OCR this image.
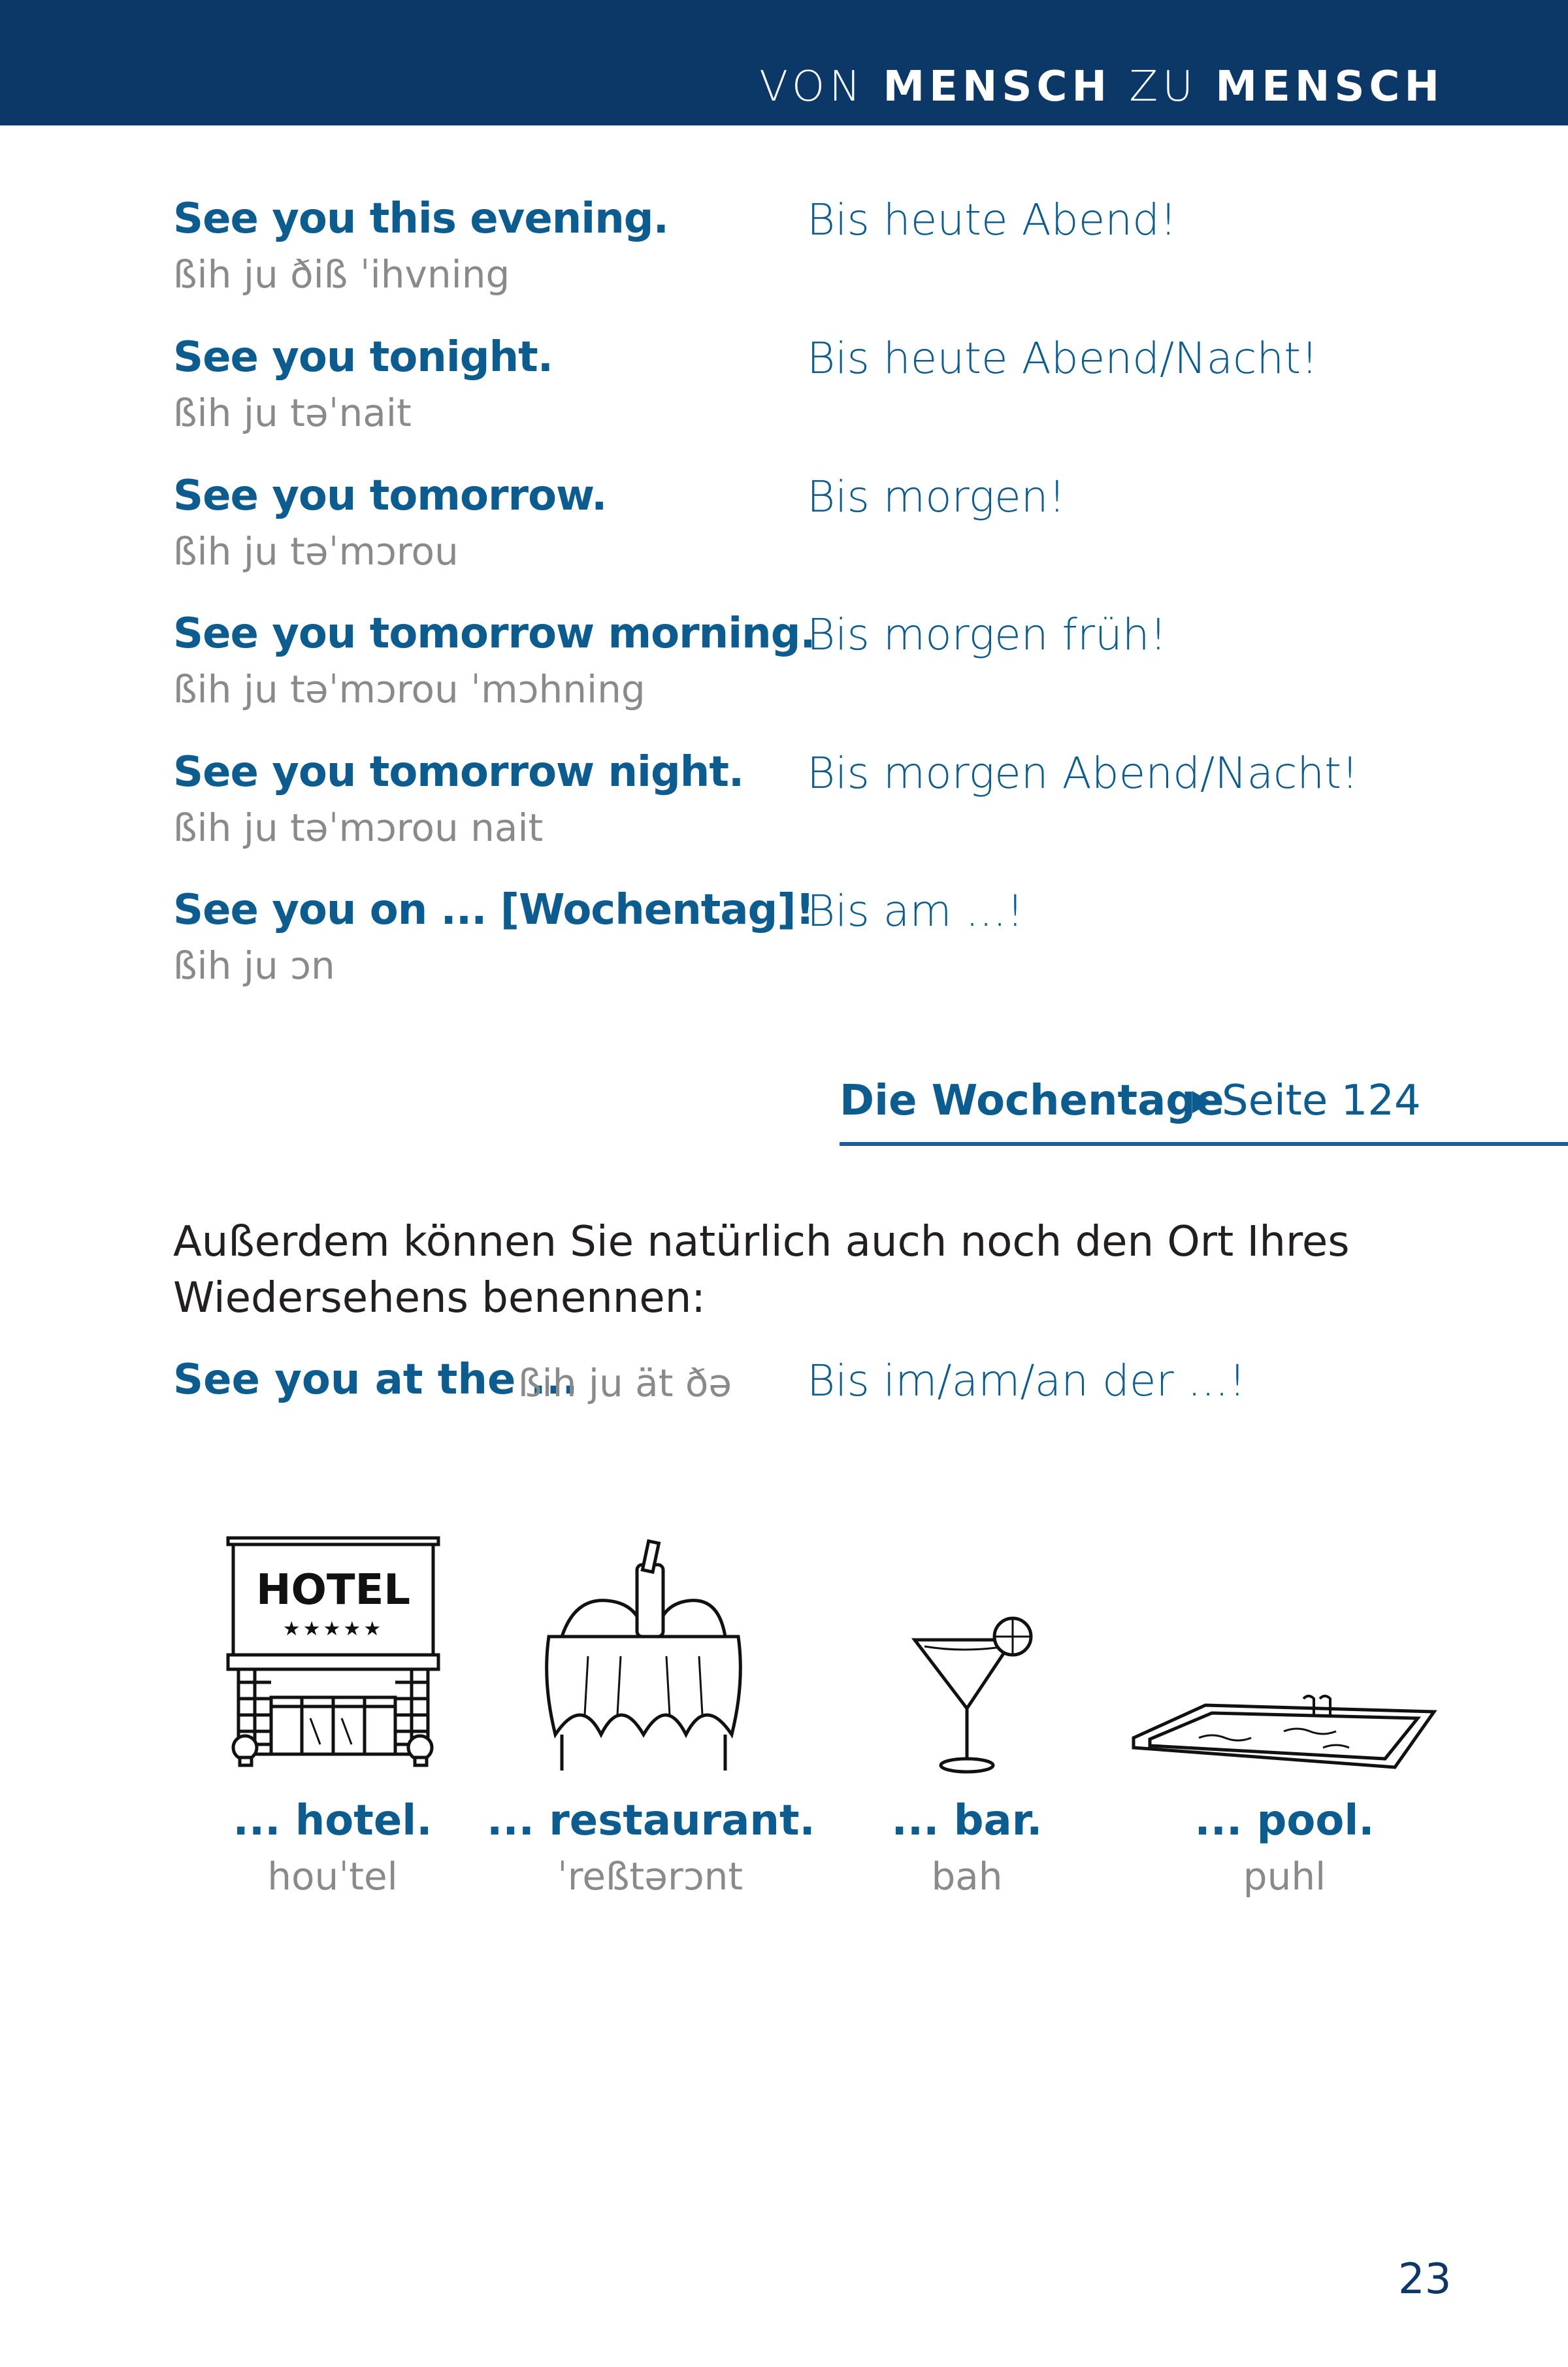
VON MENSCH ZU MENSCH
See you this evening.
ßih ju ðiß ˈihvning
Bis heute Abend!
See you tonight.
ßih ju təˈnait
Bis heute Abend/Nacht!
See you tomorrow.
ßih ju təˈmɔrou
Bis morgen!
See you tomorrow morning.
ßih ju təˈmɔrou ˈmɔhning
Bis morgen früh!
See you tomorrow night.
ßih ju təˈmɔrou nait
Bis morgen Abend/Nacht!
See you on ... [Wochentag]!
ßih ju ɔn
Bis am ...!
Die Wochentage
Seite 124
Außerdem können Sie natürlich auch noch den Ort Ihres Wiedersehens benennen:
See you at the ...
ßih ju ät ðə Bis im/am/an der ...!
HOTEL
★★★★★
... hotel.
houˈtel
... restaurant.
ˈreßtərɔnt
... bar.
bah
... pool.
puhl
23
